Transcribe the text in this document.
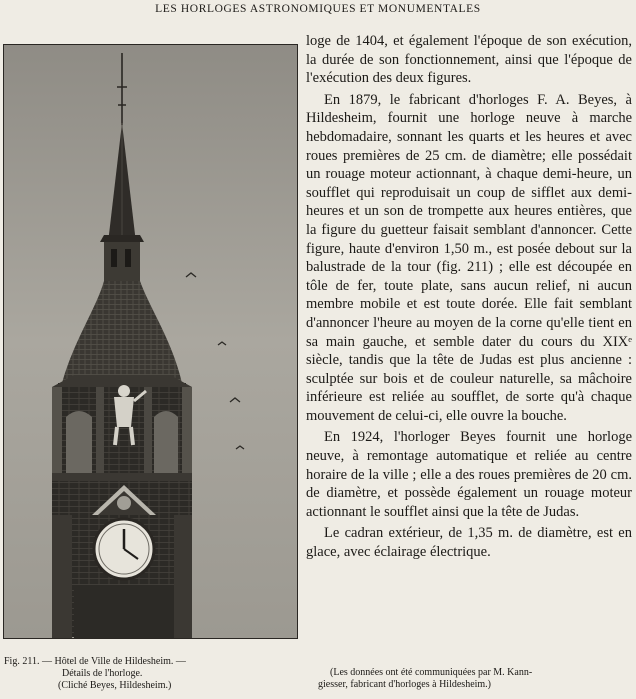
LES HORLOGES ASTRONOMIQUES ET MONUMENTALES
Fig. 211. — Hôtel de Ville de Hildesheim. —
Détails de l'horloge.
(Cliché Beyes, Hildesheim.)

loge de 1404, et également l'époque de son exécution, la durée de son fonctionnement, ainsi que l'époque de l'exécution des deux figures.

En 1879, le fabricant d'horloges F. A. Beyes, à Hildesheim, fournit une horloge neuve à marche hebdomadaire, sonnant les quarts et les heures et avec roues premières de 25 cm. de diamètre; elle possédait un rouage moteur actionnant, à chaque demi-heure, un soufflet qui reproduisait un coup de sifflet aux demi-heures et un son de trompette aux heures entières, que la figure du guetteur faisait semblant d'annoncer. Cette figure, haute d'environ 1,50 m., est posée debout sur la balustrade de la tour (fig. 211) ; elle est découpée en tôle de fer, toute plate, sans aucun relief, ni aucun membre mobile et est toute dorée. Elle fait semblant d'annoncer l'heure au moyen de la corne qu'elle tient en sa main gauche, et semble dater du cours du XIXᵉ siècle, tandis que la tête de Judas est plus ancienne : sculptée sur bois et de couleur naturelle, sa mâchoire inférieure est reliée au soufflet, de sorte qu'à chaque mouvement de celui-ci, elle ouvre la bouche.

En 1924, l'horloger Beyes fournit une horloge neuve, à remontage automatique et reliée au centre horaire de la ville ; elle a des roues premières de 20 cm. de diamètre, et possède également un rouage moteur actionnant le soufflet ainsi que la tête de Judas.

Le cadran extérieur, de 1,35 m. de diamètre, est en glace, avec éclairage électrique.

(Les données ont été communiquées par M. Kann-
giesser, fabricant d'horloges à Hildesheim.)
